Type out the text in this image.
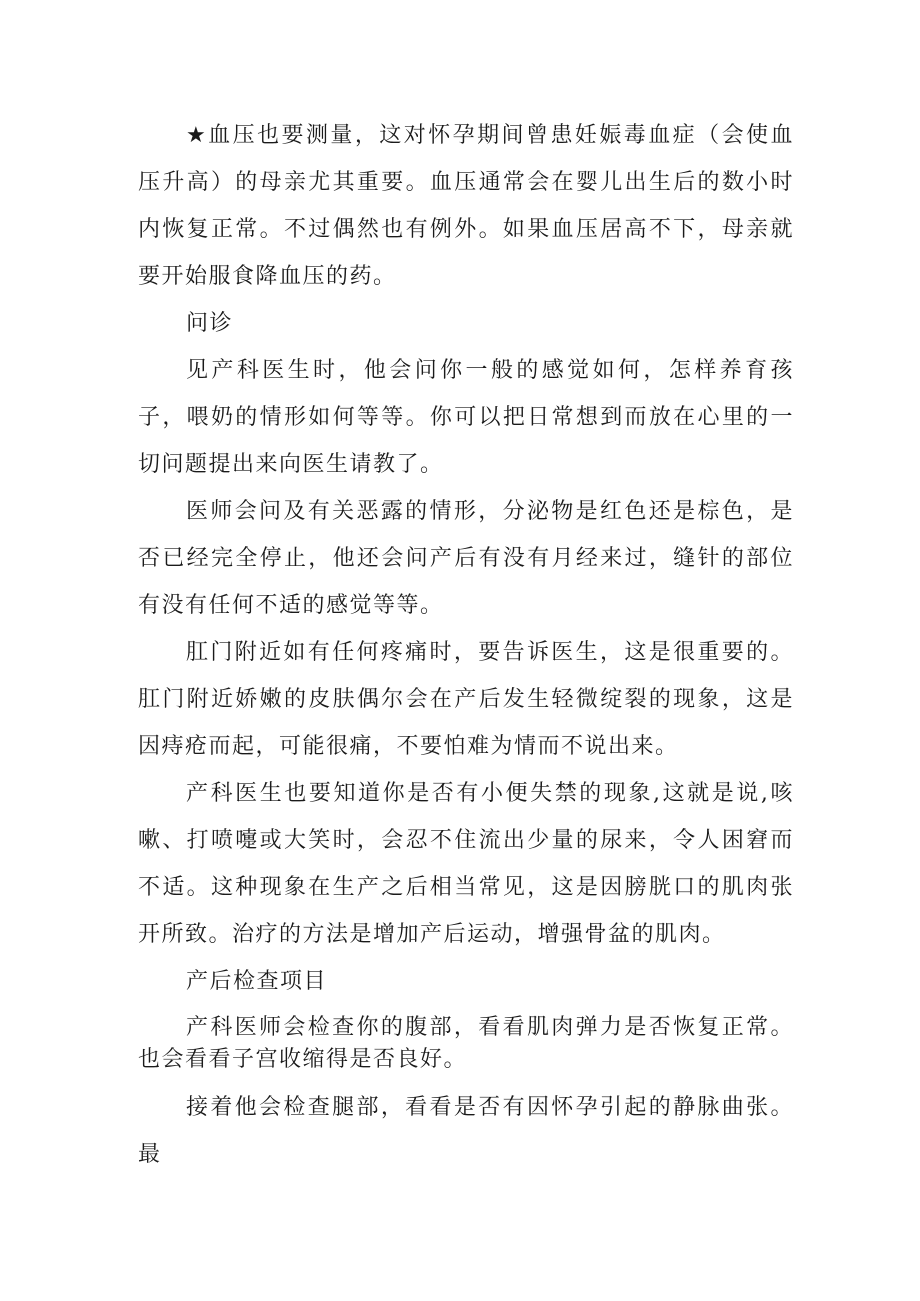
★血压也要测量，这对怀孕期间曾患妊娠毒血症（会使血压升高）的母亲尤其重要。血压通常会在婴儿出生后的数小时内恢复正常。不过偶然也有例外。如果血压居高不下，母亲就要开始服食降血压的药。

问诊

见产科医生时，他会问你一般的感觉如何，怎样养育孩子，喂奶的情形如何等等。你可以把日常想到而放在心里的一切问题提出来向医生请教了。

医师会问及有关恶露的情形，分泌物是红色还是棕色，是否已经完全停止，他还会问产后有没有月经来过，缝针的部位有没有任何不适的感觉等等。

肛门附近如有任何疼痛时，要告诉医生，这是很重要的。肛门附近娇嫩的皮肤偶尔会在产后发生轻微绽裂的现象，这是因痔疮而起，可能很痛，不要怕难为情而不说出来。

产科医生也要知道你是否有小便失禁的现象,这就是说,咳嗽、打喷嚏或大笑时，会忍不住流出少量的尿来，令人困窘而不适。这种现象在生产之后相当常见，这是因膀胱口的肌肉张开所致。治疗的方法是增加产后运动，增强骨盆的肌肉。

产后检查项目

产科医师会检查你的腹部，看看肌肉弹力是否恢复正常。也会看看子宫收缩得是否良好。

接着他会检查腿部，看看是否有因怀孕引起的静脉曲张。最
